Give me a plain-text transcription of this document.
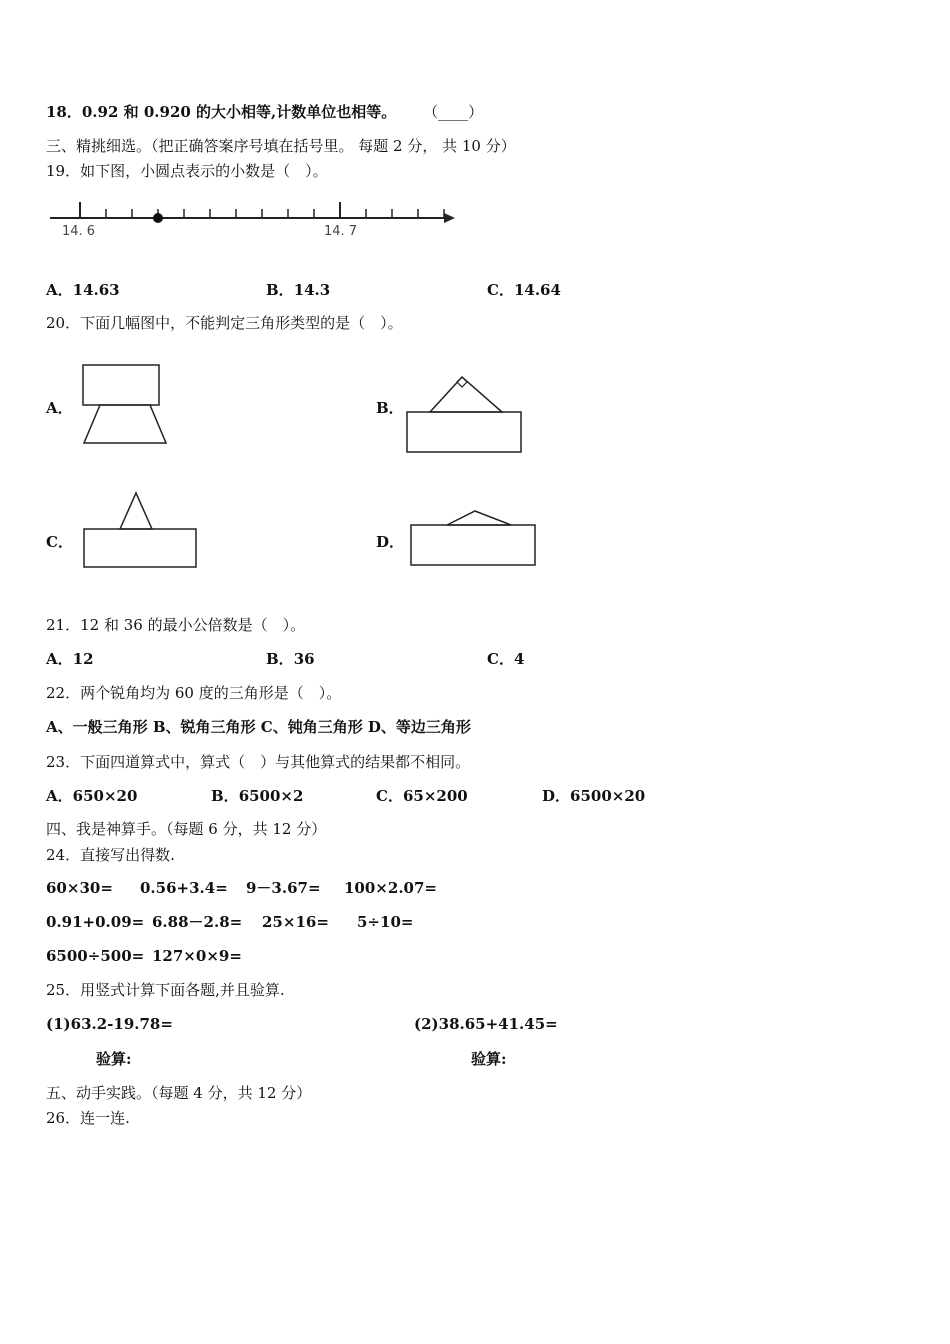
18．0.92 和 0.920 的大小相等,计数单位也相等。 （____）
三、精挑细选。（把正确答案序号填在括号里。 每题 2 分， 共 10 分）
19．如下图，小圆点表示的小数是（　）。
14. 6	14. 7
A．14.63	B．14.3	C．14.64
20．下面几幅图中，不能判定三角形类型的是（　）。
A．	B．
C．	D．
21．12 和 36 的最小公倍数是（　）。
A．12	B．36	C．4
22．两个锐角均为 60 度的三角形是（　）。
A、一般三角形 B、锐角三角形 C、钝角三角形 D、等边三角形
23．下面四道算式中，算式（　）与其他算式的结果都不相同。
A．650×20	B．6500×2	C．65×200	D．6500×20
四、我是神算手。（每题 6 分，共 12 分）
24．直接写出得数.
60×30= 0.56+3.4= 9－3.67= 100×2.07=
0.91+0.09= 6.88－2.8= 25×16= 5÷10=
6500÷500= 127×0×9=
25．用竖式计算下面各题,并且验算.
(1)63.2-19.78=	(2)38.65+41.45=
验算:	验算:
五、动手实践。（每题 4 分，共 12 分）
26．连一连.
